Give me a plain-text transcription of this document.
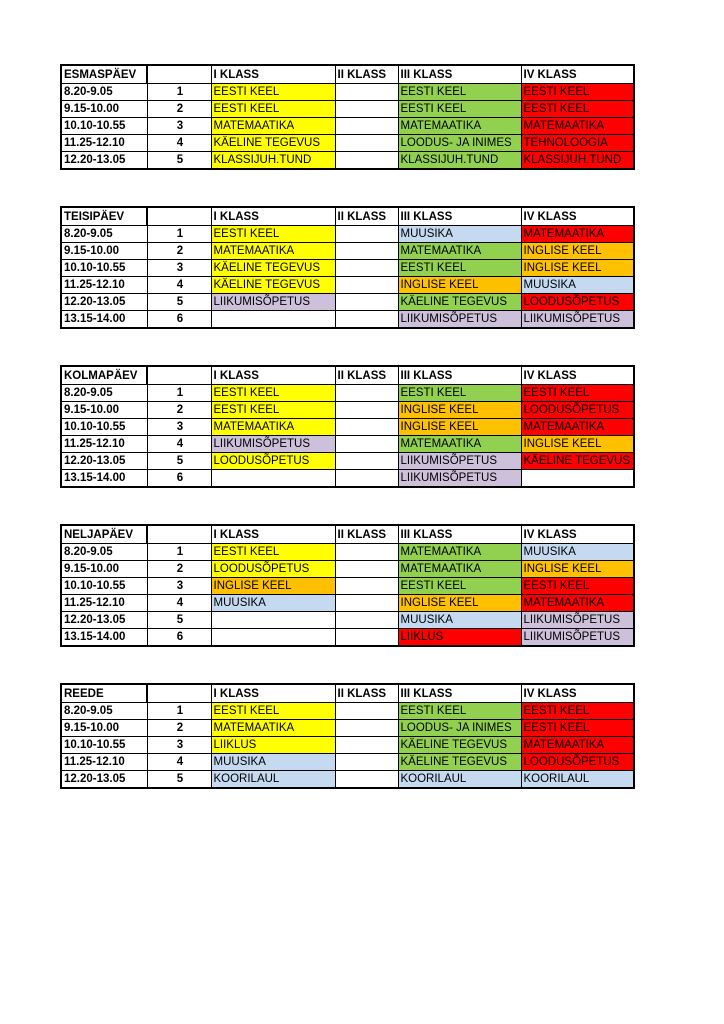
ESMASPÄEV		I KLASS	II KLASS	III KLASS	IV KLASS
8.20-9.05	1	EESTI KEEL		EESTI KEEL	EESTI KEEL
9.15-10.00	2	EESTI KEEL		EESTI KEEL	EESTI KEEL
10.10-10.55	3	MATEMAATIKA		MATEMAATIKA	MATEMAATIKA
11.25-12.10	4	KÄELINE TEGEVUS		LOODUS- JA INIMES	TEHNOLOOGIA
12.20-13.05	5	KLASSIJUH.TUND		KLASSIJUH.TUND	KLASSIJUH.TUND
TEISIPÄEV		I KLASS	II KLASS	III KLASS	IV KLASS
8.20-9.05	1	EESTI KEEL		MUUSIKA	MATEMAATIKA
9.15-10.00	2	MATEMAATIKA		MATEMAATIKA	INGLISE KEEL
10.10-10.55	3	KÄELINE TEGEVUS		EESTI KEEL	INGLISE KEEL
11.25-12.10	4	KÄELINE TEGEVUS		INGLISE KEEL	MUUSIKA
12.20-13.05	5	LIIKUMISÕPETUS		KÄELINE TEGEVUS	LOODUSÕPETUS
13.15-14.00	6			LIIKUMISÕPETUS	LIIKUMISÕPETUS
KOLMAPÄEV		I KLASS	II KLASS	III KLASS	IV KLASS
8.20-9.05	1	EESTI KEEL		EESTI KEEL	EESTI KEEL
9.15-10.00	2	EESTI KEEL		INGLISE KEEL	LOODUSÕPETUS
10.10-10.55	3	MATEMAATIKA		INGLISE KEEL	MATEMAATIKA
11.25-12.10	4	LIIKUMISÕPETUS		MATEMAATIKA	INGLISE KEEL
12.20-13.05	5	LOODUSÕPETUS		LIIKUMISÕPETUS	KÄELINE TEGEVUS
13.15-14.00	6			LIIKUMISÕPETUS	
NELJAPÄEV		I KLASS	II KLASS	III KLASS	IV KLASS
8.20-9.05	1	EESTI KEEL		MATEMAATIKA	MUUSIKA
9.15-10.00	2	LOODUSÕPETUS		MATEMAATIKA	INGLISE KEEL
10.10-10.55	3	INGLISE KEEL		EESTI KEEL	EESTI KEEL
11.25-12.10	4	MUUSIKA		INGLISE KEEL	MATEMAATIKA
12.20-13.05	5			MUUSIKA	LIIKUMISÕPETUS
13.15-14.00	6			LIIKLUS	LIIKUMISÕPETUS
REEDE		I KLASS	II KLASS	III KLASS	IV KLASS
8.20-9.05	1	EESTI KEEL		EESTI KEEL	EESTI KEEL
9.15-10.00	2	MATEMAATIKA		LOODUS- JA INIMES	EESTI KEEL
10.10-10.55	3	LIIKLUS		KÄELINE TEGEVUS	MATEMAATIKA
11.25-12.10	4	MUUSIKA		KÄELINE TEGEVUS	LOODUSÕPETUS
12.20-13.05	5	KOORILAUL		KOORILAUL	KOORILAUL
